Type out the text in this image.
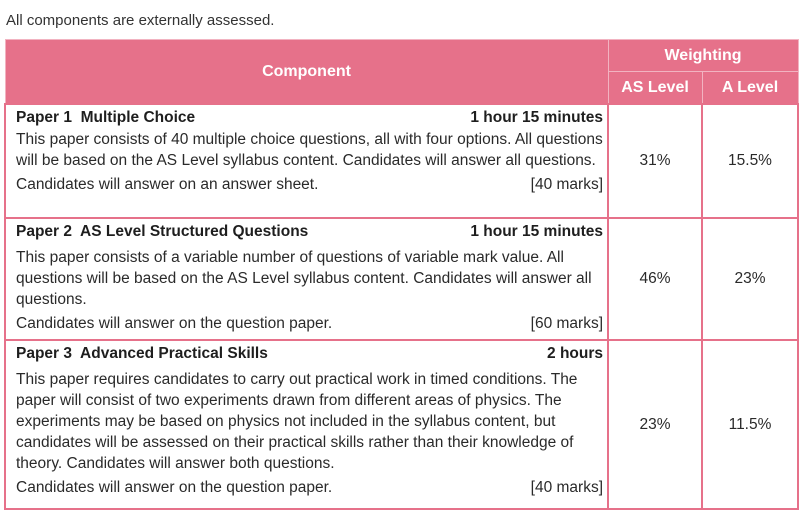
All components are externally assessed.
Component	Weighting	
	AS Level	A Level

Paper 1  Multiple Choice 1 hour 15 minutes
This paper consists of 40 multiple choice questions, all with four options. All questions will be based on the AS Level syllabus content. Candidates will answer all questions.
Candidates will answer on an answer sheet. [40 marks]	31%	15.5%

Paper 2  AS Level Structured Questions 1 hour 15 minutes
This paper consists of a variable number of questions of variable mark value. All questions will be based on the AS Level syllabus content. Candidates will answer all questions.
Candidates will answer on the question paper. [60 marks]	46%	23%

Paper 3  Advanced Practical Skills 2 hours
This paper requires candidates to carry out practical work in timed conditions. The paper will consist of two experiments drawn from different areas of physics. The experiments may be based on physics not included in the syllabus content, but candidates will be assessed on their practical skills rather than their knowledge of theory. Candidates will answer both questions.
Candidates will answer on the question paper. [40 marks]	23%	11.5%
